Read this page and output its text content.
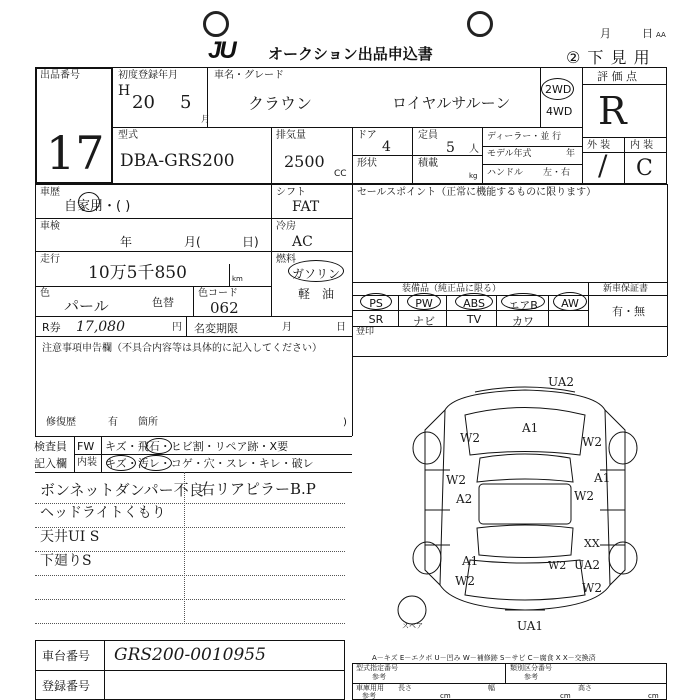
JU オークション出品申込書
月	日 AA
② 下 見 用
出品番号
17
初度登録年月
H
20 5
月
車名・グレード
クラウン	ロイヤルサルーン
2WD
4WD
評 価 点
R
外 装 内 装
/ C
型式
DBA-GRS200
排気量
2500
CC
ドア
4
定員
5 人
形状	積載
kg
ディーラー・並 行
モデル年式	年
ハンドル 左・右
車歴
自家用・( )
シフト
FAT
セールスポイント（正常に機能するものに限ります）
車検
年	月(	日)
冷房
AC
走行
10万5千850	km
燃料
ガソリン
軽 油
色
パール	色替
色コード
062
R券 17,080	円 名変期限	月	日
装備品（純正品に限る）	新車保証書
有・無
PS	PW	ABS	エアB	AW
SR	ナビ	TV	カワ
登印
注意事項申告欄（不具合内容等は具体的に記入してください）
修復歴	有 箇所	)
検査員
記入欄
FW キズ・飛石・ヒビ割・リペア跡・X要
内装 キズ・汚レ・コゲ・穴・スレ・キレ・破レ
ボンネットダンパー不良
ヘッドライトくもり
右リアピラーB.P
天井UI S
下廻りS
スペア
UA2
A1
W2	W2
W2
A2	W2
A1
W2
A1
W2
XX
UA2
W2
UA1
A－キズ E－エクボ U－凹み W－補修跡 S－サビ C－腐食 X X－交換済
車台番号 GRS200-0010955
登録番号
型式指定番号
参考
類別区分番号
参考
車庫用用
参考
長さ
cm
幅
cm
高さ
cm
